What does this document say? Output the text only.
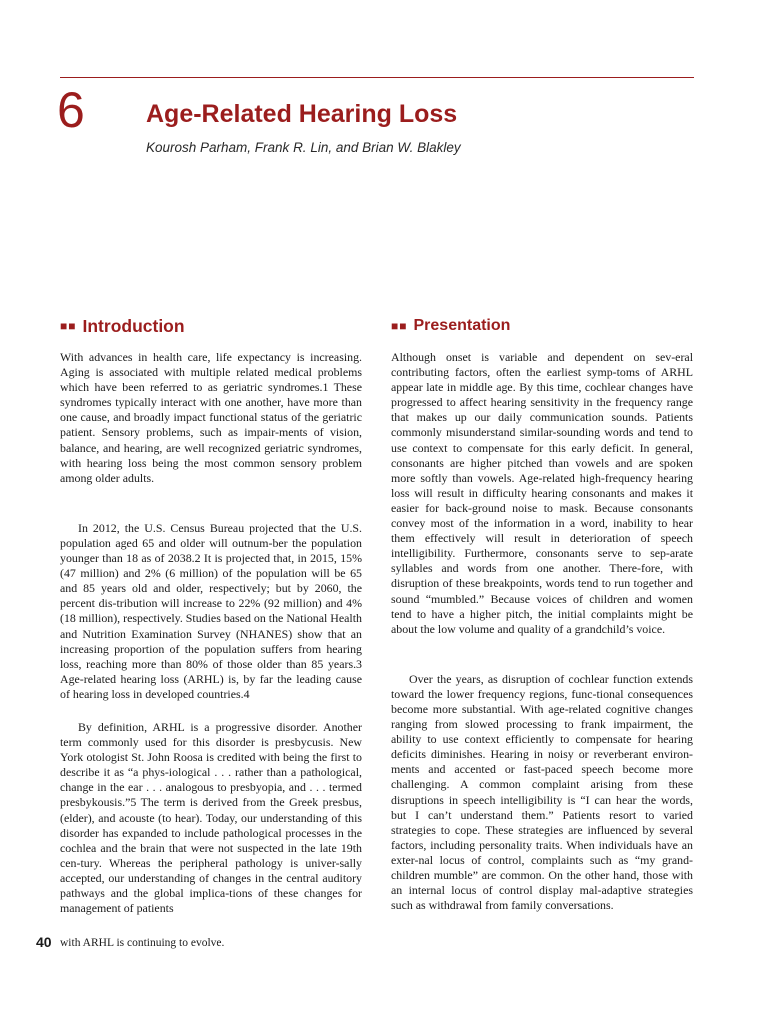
6 Age-Related Hearing Loss
Kourosh Parham, Frank R. Lin, and Brian W. Blakley
■■ Introduction

With advances in health care, life expectancy is increasing. Aging is associated with multiple related medical problems which have been referred to as geriatric syndromes.1 These syndromes typically interact with one another, have more than one cause, and broadly impact functional status of the geriatric patient. Sensory problems, such as impair-ments of vision, balance, and hearing, are well recognized geriatric syndromes, with hearing loss being the most common sensory problem among older adults.

In 2012, the U.S. Census Bureau projected that the U.S. population aged 65 and older will outnum-ber the population younger than 18 as of 2038.2 It is projected that, in 2015, 15% (47 million) and 2% (6 million) of the population will be 65 and 85 years old and older, respectively; but by 2060, the percent dis-tribution will increase to 22% (92 million) and 4% (18 million), respectively. Studies based on the National Health and Nutrition Examination Survey (NHANES) show that an increasing proportion of the population suffers from hearing loss, reaching more than 80% of those older than 85 years.3 Age-related hearing loss (ARHL) is, by far the leading cause of hearing loss in developed countries.4

By definition, ARHL is a progressive disorder. Another term commonly used for this disorder is presbycusis. New York otologist St. John Roosa is credited with being the first to describe it as “a phys-iological . . . rather than a pathological, change in the ear . . . analogous to presbyopia, and . . . termed presbykousis.”5 The term is derived from the Greek presbus, (elder), and acouste (to hear). Today, our understanding of this disorder has expanded to include pathological processes in the cochlea and the brain that were not suspected in the late 19th cen-tury. Whereas the peripheral pathology is univer-sally accepted, our understanding of changes in the central auditory pathways and the global implica-tions of these changes for management of patients

■■ Presentation

Although onset is variable and dependent on sev-eral contributing factors, often the earliest symp-toms of ARHL appear late in middle age. By this time, cochlear changes have progressed to affect hearing sensitivity in the frequency range that makes up our daily communication sounds. Patients commonly misunderstand similar-sounding words and tend to use context to compensate for this early deficit. In general, consonants are higher pitched than vowels and are spoken more softly than vowels. Age-related high-frequency hearing loss will result in difficulty hearing consonants and makes it easier for back-ground noise to mask. Because consonants convey most of the information in a word, inability to hear them effectively will result in deterioration of speech intelligibility. Furthermore, consonants serve to sep-arate syllables and words from one another. There-fore, with disruption of these breakpoints, words tend to run together and sound “mumbled.” Because voices of children and women tend to have a higher pitch, the initial complaints might be about the low volume and quality of a grandchild’s voice.

Over the years, as disruption of cochlear function extends toward the lower frequency regions, func-tional consequences become more substantial. With age-related cognitive changes ranging from slowed processing to frank impairment, the ability to use context efficiently to compensate for hearing deficits diminishes. Hearing in noisy or reverberant environ-ments and accented or fast-paced speech become more challenging. A common complaint arising from these disruptions in speech intelligibility is “I can hear the words, but I can’t understand them.” Patients resort to varied strategies to cope. These strategies are influenced by several factors, including personality traits. When individuals have an exter-nal locus of control, complaints such as “my grand-children mumble” are common. On the other hand, those with an internal locus of control display mal-adaptive strategies such as withdrawal from family conversations.

40 with ARHL is continuing to evolve.
